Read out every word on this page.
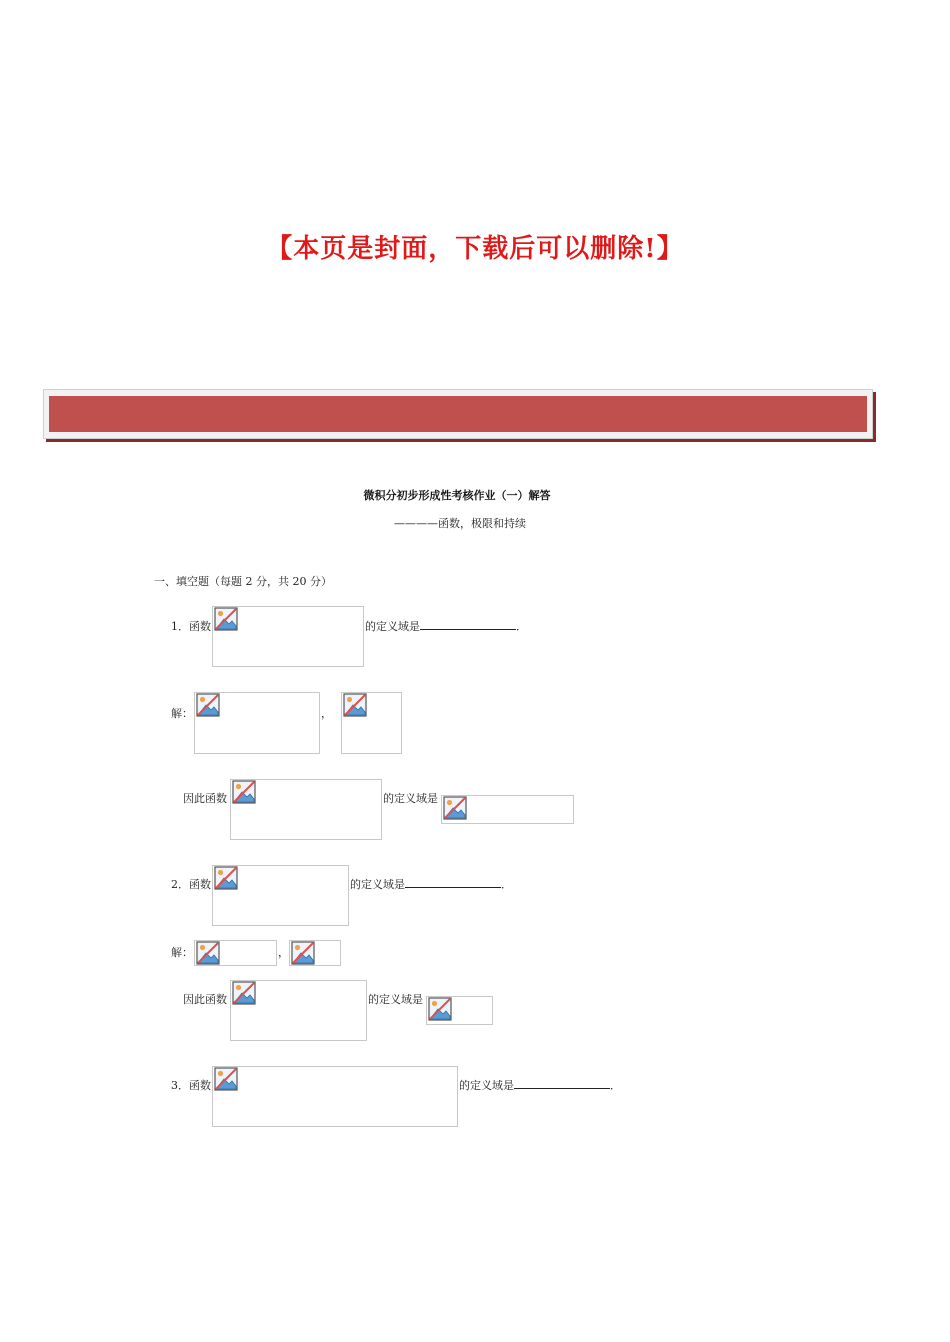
【本页是封面，下载后可以删除!】
微积分初步形成性考核作业（一）解答
————函数，极限和持续
一、填空题（每题 2 分，共 20 分）
1．函数	的定义域是	．
解：	，
因此函数	的定义域是
2．函数	的定义域是	．
解：	，
因此函数	的定义域是
3．函数	的定义域是	．
